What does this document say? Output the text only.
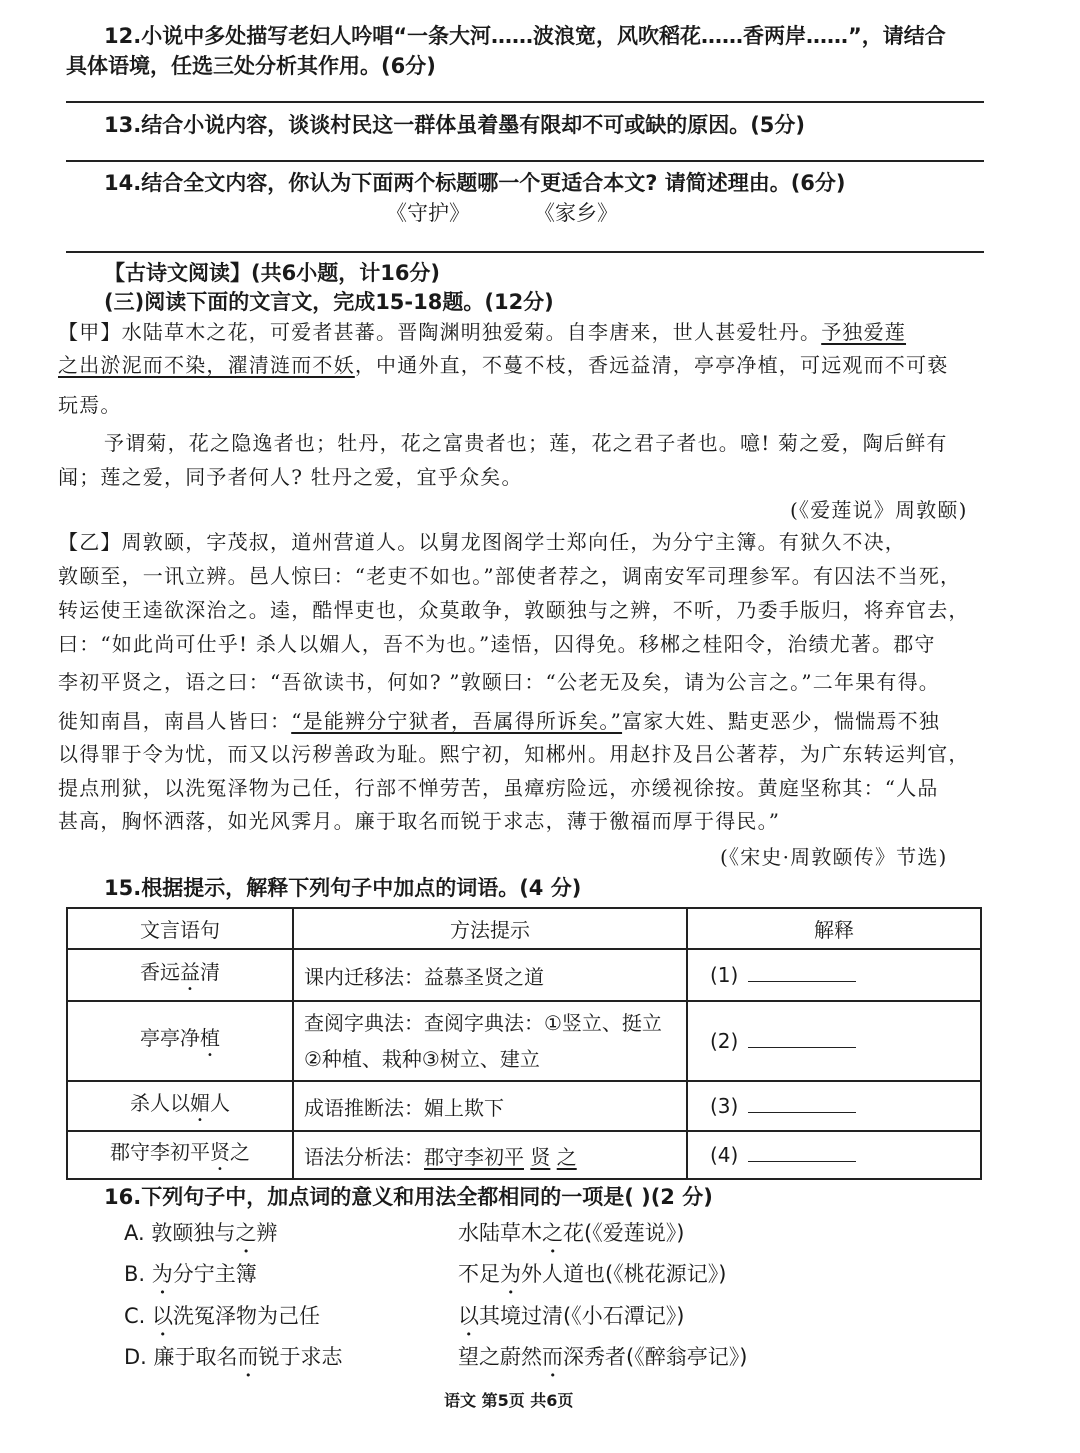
12.小说中多处描写老妇人吟唱“一条大河……波浪宽，风吹稻花……香两岸……”，请结合
具体语境，任选三处分析其作用。(6分)
13.结合小说内容，谈谈村民这一群体虽着墨有限却不可或缺的原因。(5分)
14.结合全文内容，你认为下面两个标题哪一个更适合本文? 请简述理由。(6分)
《守护》	《家乡》
【古诗文阅读】(共6小题，计16分)
(三)阅读下面的文言文，完成15-18题。(12分)
【甲】水陆草木之花，可爱者甚蕃。晋陶渊明独爱菊。自李唐来，世人甚爱牡丹。予独爱莲
之出淤泥而不染，濯清涟而不妖，中通外直，不蔓不枝，香远益清，亭亭净植，可远观而不可亵
玩焉。
予谓菊，花之隐逸者也；牡丹，花之富贵者也；莲，花之君子者也。噫! 菊之爱，陶后鲜有
闻；莲之爱，同予者何人? 牡丹之爱，宜乎众矣。
(《爱莲说》周敦颐)
【乙】周敦颐，字茂叔，道州营道人。以舅龙图阁学士郑向任，为分宁主簿。有狱久不决，
敦颐至，一讯立辨。邑人惊曰：“老吏不如也。”部使者荐之，调南安军司理参军。有囚法不当死，
转运使王逵欲深治之。逵，酷悍吏也，众莫敢争，敦颐独与之辨，不听，乃委手版归，将弃官去，
曰：“如此尚可仕乎! 杀人以媚人，吾不为也。”逵悟，囚得免。移郴之桂阳令，治绩尤著。郡守
李初平贤之，语之曰：“吾欲读书，何如? ”敦颐曰：“公老无及矣，请为公言之。”二年果有得。
徙知南昌，南昌人皆曰：“是能辨分宁狱者，吾属得所诉矣。”富家大姓、黠吏恶少，惴惴焉不独
以得罪于令为忧，而又以污秽善政为耻。熙宁初，知郴州。用赵抃及吕公著荐，为广东转运判官，
提点刑狱，以洗冤泽物为己任，行部不惮劳苦，虽瘴疠险远，亦缓视徐按。黄庭坚称其：“人品
甚高，胸怀洒落，如光风霁月。廉于取名而锐于求志，薄于徼福而厚于得民。”
(《宋史·周敦颐传》节选)
15.根据提示，解释下列句子中加点的词语。(4 分)
文言语句	方法提示	解释
香远益清	课内迁移法：益慕圣贤之道	(1)
亭亭净植	查阅字典法：查阅字典法：①竖立、挺立 ②种植、栽种③树立、建立	(2)
杀人以媚人	成语推断法：媚上欺下	(3)
郡守李初平贤之	语法分析法：郡守李初平 贤 之	(4)
16.下列句子中，加点词的意义和用法全都相同的一项是( )(2 分)
A. 敦颐独与之辨	水陆草木之花(《爱莲说》)
B. 为分宁主簿	不足为外人道也(《桃花源记》)
C. 以洗冤泽物为己任	以其境过清(《小石潭记》)
D. 廉于取名而锐于求志	望之蔚然而深秀者(《醉翁亭记》)
语文 第5页 共6页
